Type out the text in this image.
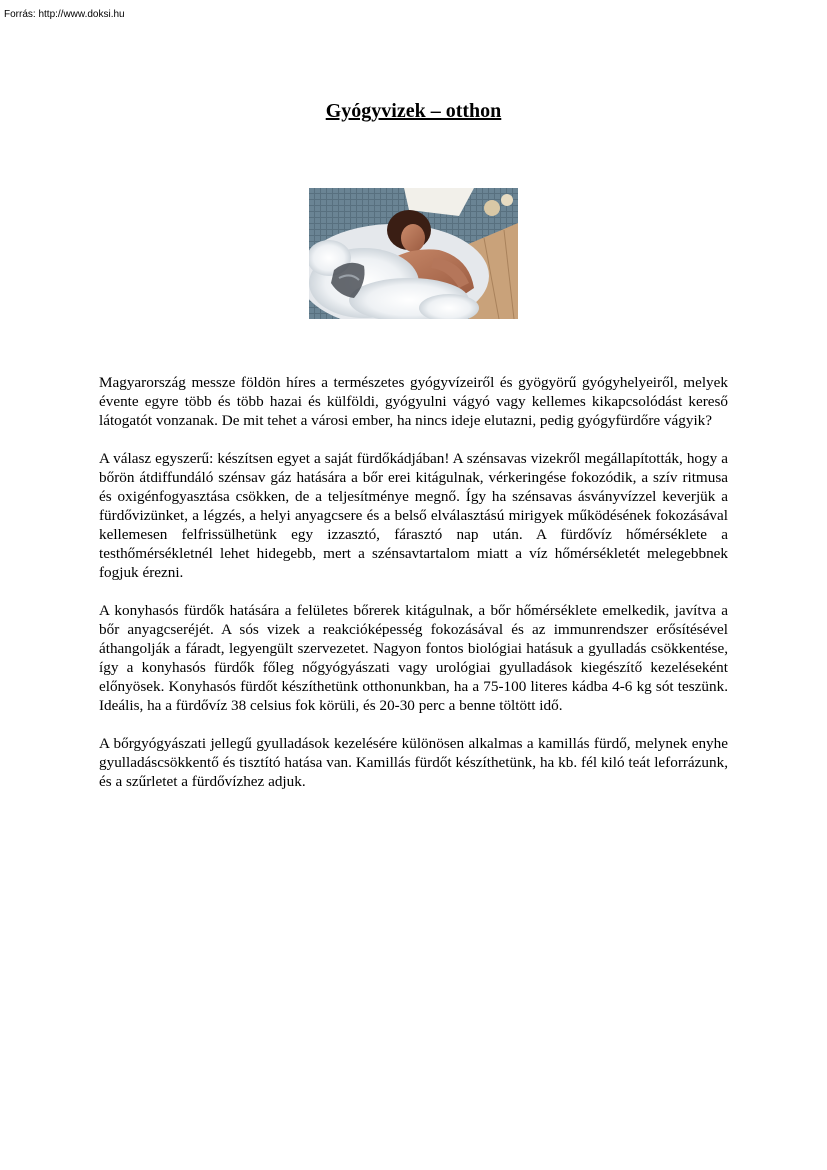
Forrás: http://www.doksi.hu
Gyógyvizek – otthon

Magyarország messze földön híres a természetes gyógyvízeiről és gyögyörű gyógyhelyeiről, melyek évente egyre több és több hazai és külföldi, gyógyulni vágyó vagy kellemes kikapcsolódást kereső látogatót vonzanak. De mit tehet a városi ember, ha nincs ideje elutazni, pedig gyógyfürdőre vágyik?

A válasz egyszerű: készítsen egyet a saját fürdőkádjában! A szénsavas vizekről megállapították, hogy a bőrön átdiffundáló szénsav gáz hatására a bőr erei kitágulnak, vérkeringése fokozódik, a szív ritmusa és oxigénfogyasztása csökken, de a teljesítménye megnő. Így ha szénsavas ásványvízzel keverjük a fürdővizünket, a légzés, a helyi anyagcsere és a belső elválasztású mirigyek működésének fokozásával kellemesen felfrissülhetünk egy izzasztó, fárasztó nap után. A fürdővíz hőmérséklete a testhőmérsékletnél lehet hidegebb, mert a szénsavtartalom miatt a víz hőmérsékletét melegebbnek fogjuk érezni.

A konyhasós fürdők hatására a felületes bőrerek kitágulnak, a bőr hőmérséklete emelkedik, javítva a bőr anyagcseréjét. A sós vizek a reakcióképesség fokozásával és az immunrendszer erősítésével áthangolják a fáradt, legyengült szervezetet. Nagyon fontos biológiai hatásuk a gyulladás csökkentése, így a konyhasós fürdők főleg nőgyógyászati vagy urológiai gyulladások kiegészítő kezeléseként előnyösek. Konyhasós fürdőt készíthetünk otthonunkban, ha a 75-100 literes kádba 4-6 kg sót teszünk. Ideális, ha a fürdővíz 38 celsius fok körüli, és 20-30 perc a benne töltött idő.

A bőrgyógyászati jellegű gyulladások kezelésére különösen alkalmas a kamillás fürdő, melynek enyhe gyulladáscsökkentő és tisztító hatása van. Kamillás fürdőt készíthetünk, ha kb. fél kiló teát leforrázunk, és a szűrletet a fürdővízhez adjuk.
